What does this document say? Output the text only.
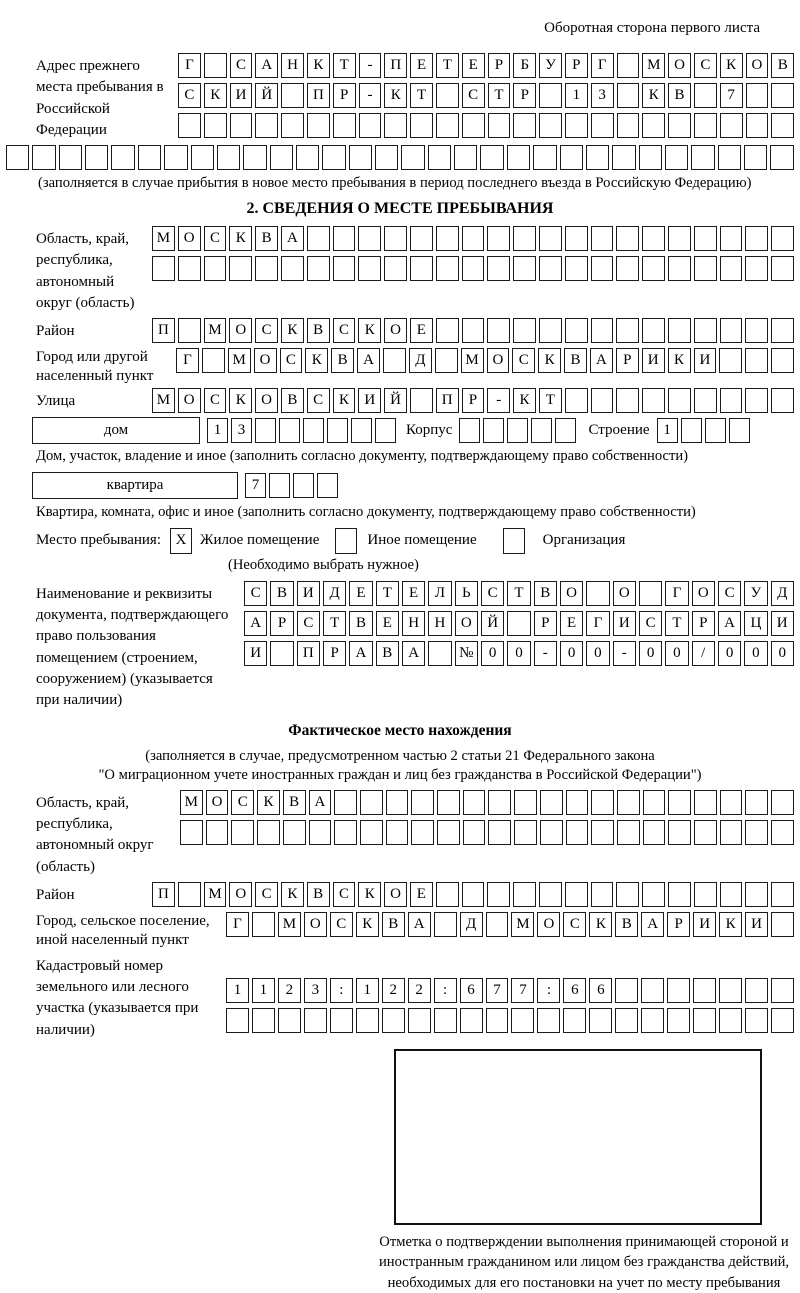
Оборотная сторона первого листа
Адрес прежнего места пребывания в Российской Федерации
Г	С	А Н	К	Т	-	П	Е	Т	Е	Р	Б	У	Р	Г	М О	С	К	О	В
С	К	И Й	П	Р	-	К	Т	С	Т	Р	1	3	К	В	7
(заполняется в случае прибытия в новое место пребывания в период последнего въезда в Российскую Федерацию)
2. СВЕДЕНИЯ О МЕСТЕ ПРЕБЫВАНИЯ
Область, край, республика, автономный округ (область)
М О	С	К	В	А
Район	П	М О	С	К	В	С	К	О	Е
Город или другой населенный пункт
Г	М О	С	К	В	А	Д	М О	С	К	В	А	Р	И	К	И
Улица	М О	С	К	О	В	С	К	И Й	П	Р	-	К	Т
дом	1	3	Корпус	Строение 1
Дом, участок, владение и иное (заполнить согласно документу, подтверждающему право собственности)
квартира	7
Квартира, комната, офис и иное (заполнить согласно документу, подтверждающему право собственности)
Место пребывания: X Жилое помещение	Иное помещение	Организация
(Необходимо выбрать нужное)
Наименование и реквизиты документа, подтверждающего право пользования помещением (строением, сооружением) (указывается при наличии)
С	В	И	Д	Е	Т	Е	Л	Ь	С	Т	В	О	О	Г	О	С	У	Д
А	Р	С	Т	В	Е	Н	Н	О	Й	Р	Е	Г	И	С	Т	Р	А	Ц	И
И	П	Р	А	В	А	№	0	0	-	0	0	-	0	0	/	0	0	0
Фактическое место нахождения
(заполняется в случае, предусмотренном частью 2 статьи 21 Федерального закона
"О миграционном учете иностранных граждан и лиц без гражданства в Российской Федерации")
Область, край, республика, автономный округ (область)
М О	С	К	В	А
Район	П	М О	С	К	В	С	К	О	Е
Город, сельское поселение, иной населенный пункт
Г	М О	С	К	В	А	Д	М О	С	К	В	А	Р	И	К	И
Кадастровый номер земельного или лесного участка (указывается при наличии)
1	1	2	3	:	1	2	2	:	6	7	7	:	6	6
Отметка о подтверждении выполнения принимающей стороной и иностранным гражданином или лицом без гражданства действий, необходимых для его постановки на учет по месту пребывания
